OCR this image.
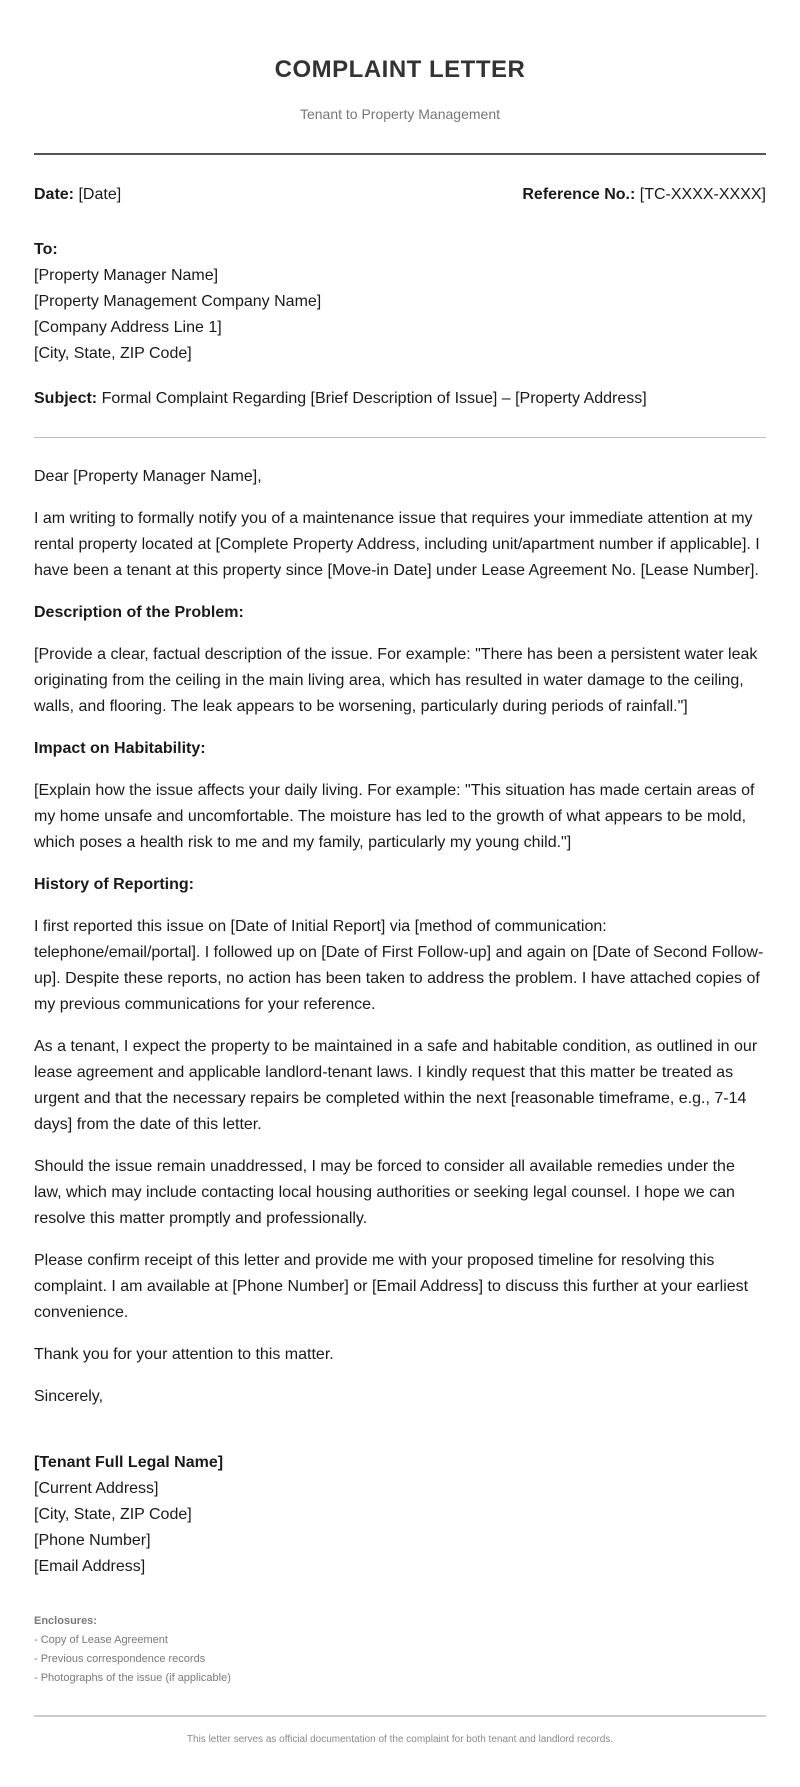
COMPLAINT LETTER

Tenant to Property Management

Date: [Date]	Reference No.: [TC-XXXX-XXXX]
To:
[Property Manager Name]
[Property Management Company Name]
[Company Address Line 1]
[City, State, ZIP Code]
Subject: Formal Complaint Regarding [Brief Description of Issue] – [Property Address]

Dear [Property Manager Name],

I am writing to formally notify you of a maintenance issue that requires your immediate attention at my rental property located at [Complete Property Address, including unit/apartment number if applicable]. I have been a tenant at this property since [Move-in Date] under Lease Agreement No. [Lease Number].

Description of the Problem:

[Provide a clear, factual description of the issue. For example: "There has been a persistent water leak originating from the ceiling in the main living area, which has resulted in water damage to the ceiling, walls, and flooring. The leak appears to be worsening, particularly during periods of rainfall."]

Impact on Habitability:

[Explain how the issue affects your daily living. For example: "This situation has made certain areas of my home unsafe and uncomfortable. The moisture has led to the growth of what appears to be mold, which poses a health risk to me and my family, particularly my young child."]

History of Reporting:

I first reported this issue on [Date of Initial Report] via [method of communication: telephone/email/portal]. I followed up on [Date of First Follow-up] and again on [Date of Second Follow-up]. Despite these reports, no action has been taken to address the problem. I have attached copies of my previous communications for your reference.

As a tenant, I expect the property to be maintained in a safe and habitable condition, as outlined in our lease agreement and applicable landlord-tenant laws. I kindly request that this matter be treated as urgent and that the necessary repairs be completed within the next [reasonable timeframe, e.g., 7-14 days] from the date of this letter.

Should the issue remain unaddressed, I may be forced to consider all available remedies under the law, which may include contacting local housing authorities or seeking legal counsel. I hope we can resolve this matter promptly and professionally.

Please confirm receipt of this letter and provide me with your proposed timeline for resolving this complaint. I am available at [Phone Number] or [Email Address] to discuss this further at your earliest convenience.

Thank you for your attention to this matter.

Sincerely,

[Tenant Full Legal Name]
[Current Address]
[City, State, ZIP Code]
[Phone Number]
[Email Address]
Enclosures:
- Copy of Lease Agreement
- Previous correspondence records
- Photographs of the issue (if applicable)
This letter serves as official documentation of the complaint for both tenant and landlord records.
